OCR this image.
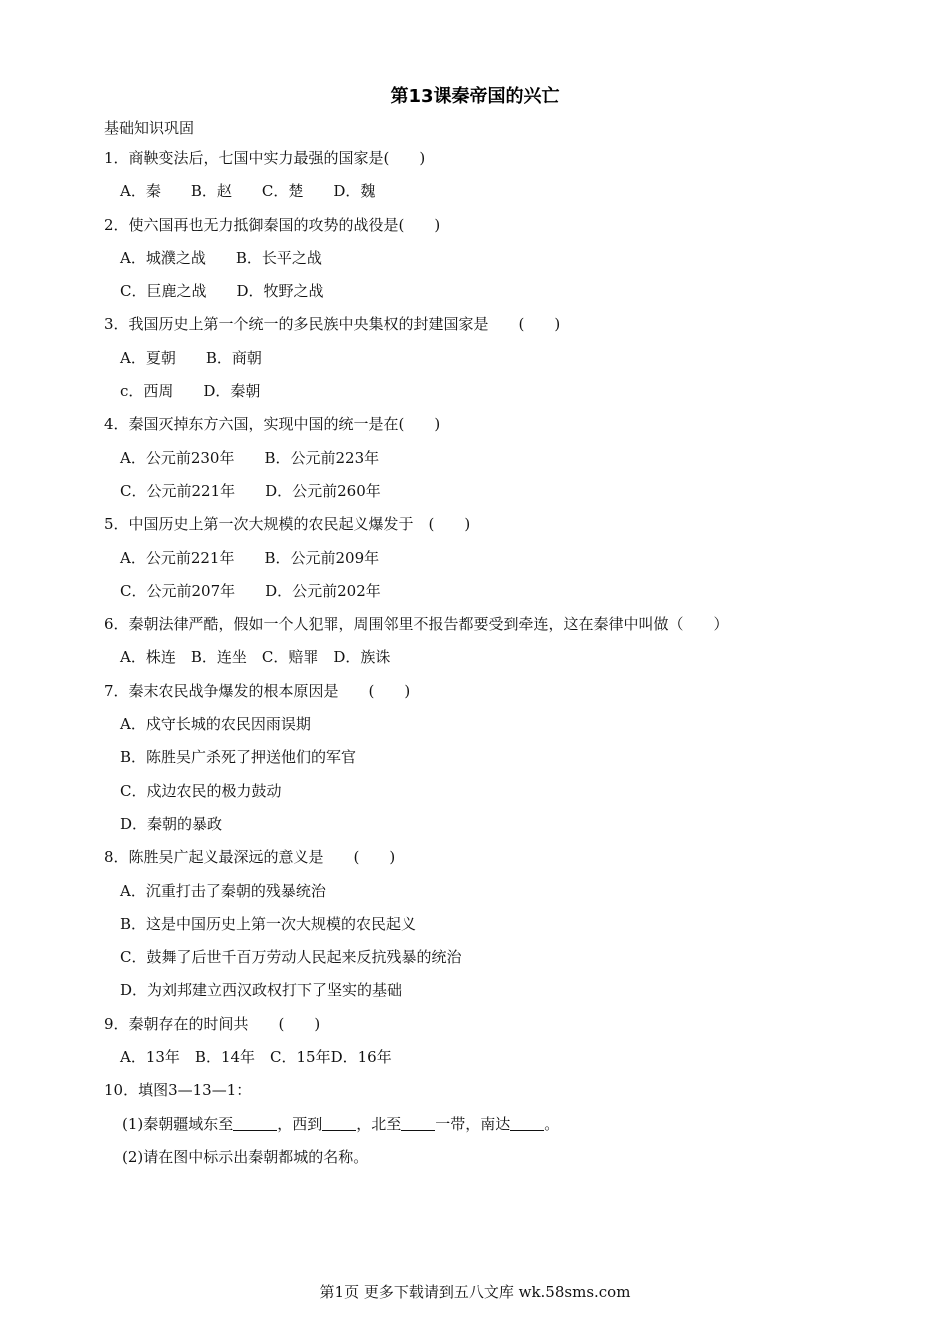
第13课秦帝国的兴亡
基础知识巩固
1．商鞅变法后，七国中实力最强的国家是(　　)
A．秦　　B．赵　　C．楚　　D．魏
2．使六国再也无力抵御秦国的攻势的战役是(　　)
A．城濮之战　　B．长平之战
C．巨鹿之战　　D．牧野之战
3．我国历史上第一个统一的多民族中央集权的封建国家是　　(　　)
A．夏朝　　B．商朝
c．西周　　D．秦朝
4．秦国灭掉东方六国，实现中国的统一是在(　　)
A．公元前230年　　B．公元前223年
C．公元前221年　　D．公元前260年
5．中国历史上第一次大规模的农民起义爆发于　(　　)
A．公元前221年　　B．公元前209年
C．公元前207年　　D．公元前202年
6．秦朝法律严酷，假如一个人犯罪，周围邻里不报告都要受到牵连，这在秦律中叫做（　　）
A．株连　B．连坐　C．赔罪　D．族诛
7．秦末农民战争爆发的根本原因是　　(　　)
A．戍守长城的农民因雨误期
B．陈胜吴广杀死了押送他们的军官
C．戍边农民的极力鼓动
D．秦朝的暴政
8．陈胜吴广起义最深远的意义是　　(　　)
A．沉重打击了秦朝的残暴统治
B．这是中国历史上第一次大规模的农民起义
C．鼓舞了后世千百万劳动人民起来反抗残暴的统治
D．为刘邦建立西汉政权打下了坚实的基础
9．秦朝存在的时间共　　(　　)
A．13年　B．14年　C．15年D．16年
10．填图3—13—1：
(1)秦朝疆域东至	，西到 ，北至 一带，南达 。
(2)请在图中标示出秦朝都城的名称。
第1页 更多下载请到五八文库 wk.58sms.com
